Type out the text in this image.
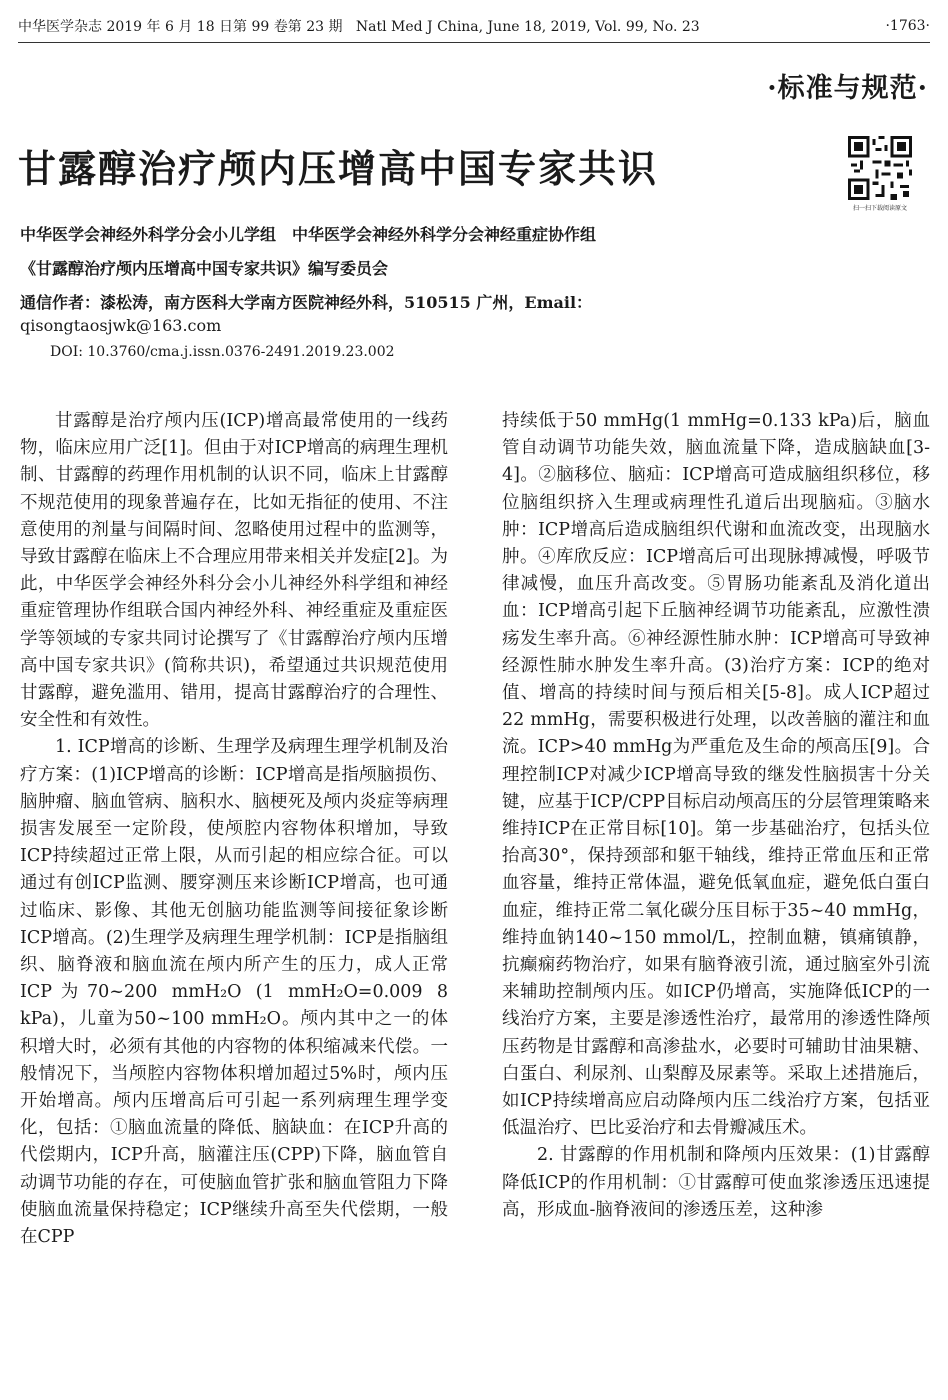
中华医学杂志 2019 年 6 月 18 日第 99 卷第 23 期 Natl Med J China, June 18, 2019, Vol. 99, No. 23	·1763·
·标准与规范·
甘露醇治疗颅内压增高中国专家共识
扫一扫下载阅读原文
中华医学会神经外科学分会小儿学组　中华医学会神经外科学分会神经重症协作组
《甘露醇治疗颅内压增高中国专家共识》编写委员会
通信作者：漆松涛，南方医科大学南方医院神经外科，510515 广州，Email：
qisongtaosjwk@163.com
DOI: 10.3760/cma.j.issn.0376-2491.2019.23.002

甘露醇是治疗颅内压(ICP)增高最常使用的一线药物，临床应用广泛[1]。但由于对ICP增高的病理生理机制、甘露醇的药理作用机制的认识不同，临床上甘露醇不规范使用的现象普遍存在，比如无指征的使用、不注意使用的剂量与间隔时间、忽略使用过程中的监测等，导致甘露醇在临床上不合理应用带来相关并发症[2]。为此，中华医学会神经外科分会小儿神经外科学组和神经重症管理协作组联合国内神经外科、神经重症及重症医学等领域的专家共同讨论撰写了《甘露醇治疗颅内压增高中国专家共识》(简称共识)，希望通过共识规范使用甘露醇，避免滥用、错用，提高甘露醇治疗的合理性、安全性和有效性。

1. ICP增高的诊断、生理学及病理生理学机制及治疗方案：(1)ICP增高的诊断：ICP增高是指颅脑损伤、脑肿瘤、脑血管病、脑积水、脑梗死及颅内炎症等病理损害发展至一定阶段，使颅腔内容物体积增加，导致ICP持续超过正常上限，从而引起的相应综合征。可以通过有创ICP监测、腰穿测压来诊断ICP增高，也可通过临床、影像、其他无创脑功能监测等间接征象诊断ICP增高。(2)生理学及病理生理学机制：ICP是指脑组织、脑脊液和脑血流在颅内所产生的压力，成人正常ICP为70~200 mmH₂O (1 mmH₂O=0.009 8 kPa)，儿童为50~100 mmH₂O。颅内其中之一的体积增大时，必须有其他的内容物的体积缩减来代偿。一般情况下，当颅腔内容物体积增加超过5%时，颅内压开始增高。颅内压增高后可引起一系列病理生理学变化，包括：①脑血流量的降低、脑缺血：在ICP升高的代偿期内，ICP升高，脑灌注压(CPP)下降，脑血管自动调节功能的存在，可使脑血管扩张和脑血管阻力下降使脑血流量保持稳定；ICP继续升高至失代偿期，一般在CPP

持续低于50 mmHg(1 mmHg=0.133 kPa)后，脑血管自动调节功能失效，脑血流量下降，造成脑缺血[3-4]。②脑移位、脑疝：ICP增高可造成脑组织移位，移位脑组织挤入生理或病理性孔道后出现脑疝。③脑水肿：ICP增高后造成脑组织代谢和血流改变，出现脑水肿。④库欣反应：ICP增高后可出现脉搏减慢，呼吸节律减慢，血压升高改变。⑤胃肠功能紊乱及消化道出血：ICP增高引起下丘脑神经调节功能紊乱，应激性溃疡发生率升高。⑥神经源性肺水肿：ICP增高可导致神经源性肺水肿发生率升高。(3)治疗方案：ICP的绝对值、增高的持续时间与预后相关[5-8]。成人ICP超过22 mmHg，需要积极进行处理，以改善脑的灌注和血流。ICP>40 mmHg为严重危及生命的颅高压[9]。合理控制ICP对减少ICP增高导致的继发性脑损害十分关键，应基于ICP/CPP目标启动颅高压的分层管理策略来维持ICP在正常目标[10]。第一步基础治疗，包括头位抬高30°，保持颈部和躯干轴线，维持正常血压和正常血容量，维持正常体温，避免低氧血症，避免低白蛋白血症，维持正常二氧化碳分压目标于35~40 mmHg，维持血钠140~150 mmol/L，控制血糖，镇痛镇静，抗癫痫药物治疗，如果有脑脊液引流，通过脑室外引流来辅助控制颅内压。如ICP仍增高，实施降低ICP的一线治疗方案，主要是渗透性治疗，最常用的渗透性降颅压药物是甘露醇和高渗盐水，必要时可辅助甘油果糖、白蛋白、利尿剂、山梨醇及尿素等。采取上述措施后，如ICP持续增高应启动降颅内压二线治疗方案，包括亚低温治疗、巴比妥治疗和去骨瓣减压术。

2. 甘露醇的作用机制和降颅内压效果：(1)甘露醇降低ICP的作用机制：①甘露醇可使血浆渗透压迅速提高，形成血-脑脊液间的渗透压差，这种渗
